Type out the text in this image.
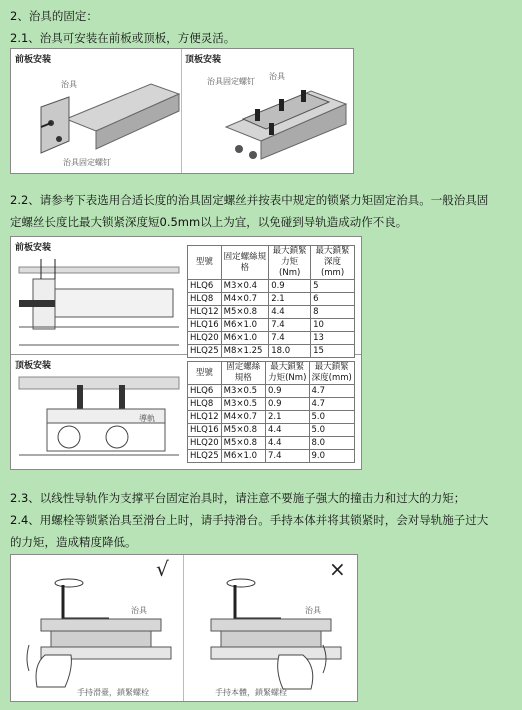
2、治具的固定：
2.1、治具可安装在前板或顶板，方便灵活。
前板安装	顶板安装
治具
治具固定螺钉
治具固定螺钉
治具
2.2、请参考下表选用合适长度的治具固定螺丝并按表中规定的锁紧力矩固定治具。一般治具固
定螺丝长度比最大锁紧深度短0.5mm以上为宜，以免碰到导轨造成动作不良。
前板安装
顶板安装
導軌
型號	固定螺絲規格	最大鎖緊力矩(Nm)	最大鎖緊深度(mm)
HLQ6	M3×0.4	0.9	5
HLQ8	M4×0.7	2.1	6
HLQ12	M5×0.8	4.4	8
HLQ16	M6×1.0	7.4	10
HLQ20	M6×1.0	7.4	13
HLQ25	M8×1.25	18.0	15
型號	固定螺絲規格	最大鎖緊力矩(Nm)	最大鎖緊深度(mm)
HLQ6	M3×0.5	0.9	4.7
HLQ8	M3×0.5	0.9	4.7
HLQ12	M4×0.7	2.1	5.0
HLQ16	M5×0.8	4.4	5.0
HLQ20	M5×0.8	4.4	8.0
HLQ25	M6×1.0	7.4	9.0
2.3、以线性导轨作为支撑平台固定治具时，请注意不要施子强大的撞击力和过大的力矩；
2.4、用螺栓等锁紧治具至滑台上时，请手持滑台。手持本体并将其锁紧时，会对导轨施子过大
的力矩，造成精度降低。
√	×
治具	治具
手持滑臺，鎖緊螺栓	手持本體，鎖緊螺栓
